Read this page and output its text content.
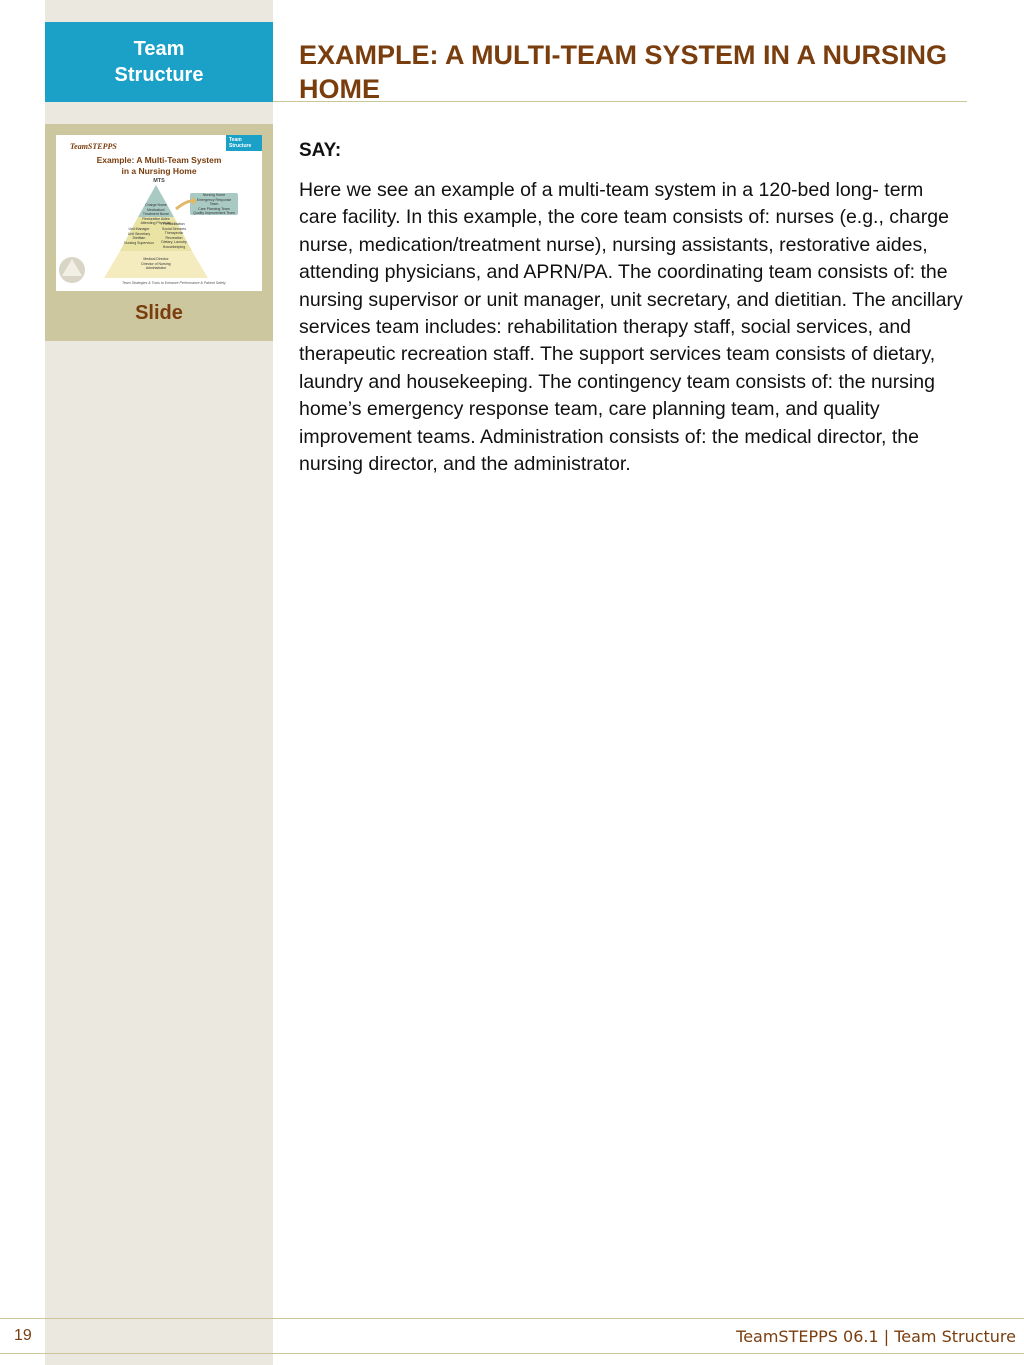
Team
Structure
TeamSTEPPS
Team
Structure
Example: A Multi-Team System
in a Nursing Home
MTS
Charge Nurse
Medication/
Treatment Nurse
Restorative Aides
Attending Physician
Unit Manager
Unit Secretary
Dietitian
Nursing Supervisor
Rehabilitation
Social Services
Therapeutic
Recreation
Dietary, Laundry
Housekeeping
Medical Director
Director of Nursing
Administrator
Nursing Home
Emergency Response
Team
Care Planning Team
Quality Improvement Team
Team Strategies & Tools to Enhance Performance & Patient Safety
Slide
EXAMPLE: A MULTI-TEAM SYSTEM IN A NURSING HOME
SAY:

Here we see an example of a multi-team system in a 120-bed long- term care facility. In this example, the core team consists of: nurses (e.g., charge nurse, medication/treatment nurse), nursing assistants, restorative aides, attending physicians, and APRN/PA. The coordinating team consists of: the nursing supervisor or unit manager, unit secretary, and dietitian. The ancillary services team includes: rehabilitation therapy staff, social services, and therapeutic recreation staff. The support services team consists of dietary, laundry and housekeeping. The contingency team consists of: the nursing home’s emergency response team, care planning team, and quality improvement teams. Administration consists of: the medical director, the nursing director, and the administrator.

19	TeamSTEPPS 06.1 | Team Structure
